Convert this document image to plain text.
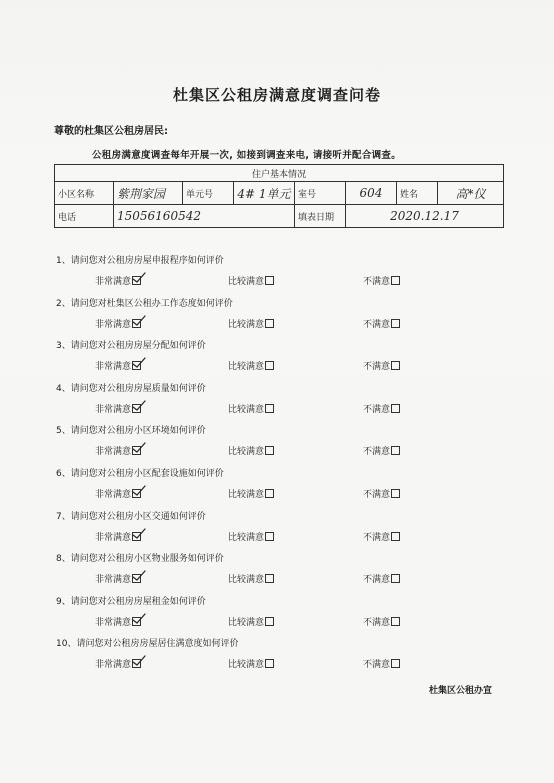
杜集区公租房满意度调查问卷
尊敬的杜集区公租房居民:
公租房满意度调查每年开展一次, 如接到调查来电, 请接听并配合调查。
住户基本情况							
小区名称	紫荆家园	单元号	4# 1单元	室号	604	姓名	高*仪
电话	15056160542			填表日期	2020.12.17		
1、请问您对公租房房屋申报程序如何评价
非常满意	比较满意	不满意
2、请问您对杜集区公租办工作态度如何评价
非常满意	比较满意	不满意
3、请问您对公租房房屋分配如何评价
非常满意	比较满意	不满意
4、请问您对公租房房屋质量如何评价
非常满意	比较满意	不满意
5、请问您对公租房小区环境如何评价
非常满意	比较满意	不满意
6、请问您对公租房小区配套设施如何评价
非常满意	比较满意	不满意
7、请问您对公租房小区交通如何评价
非常满意	比较满意	不满意
8、请问您对公租房小区物业服务如何评价
非常满意	比较满意	不满意
9、请问您对公租房房屋租金如何评价
非常满意	比较满意	不满意
10、请问您对公租房房屋居住满意度如何评价
非常满意	比较满意	不满意
杜集区公租办宣
